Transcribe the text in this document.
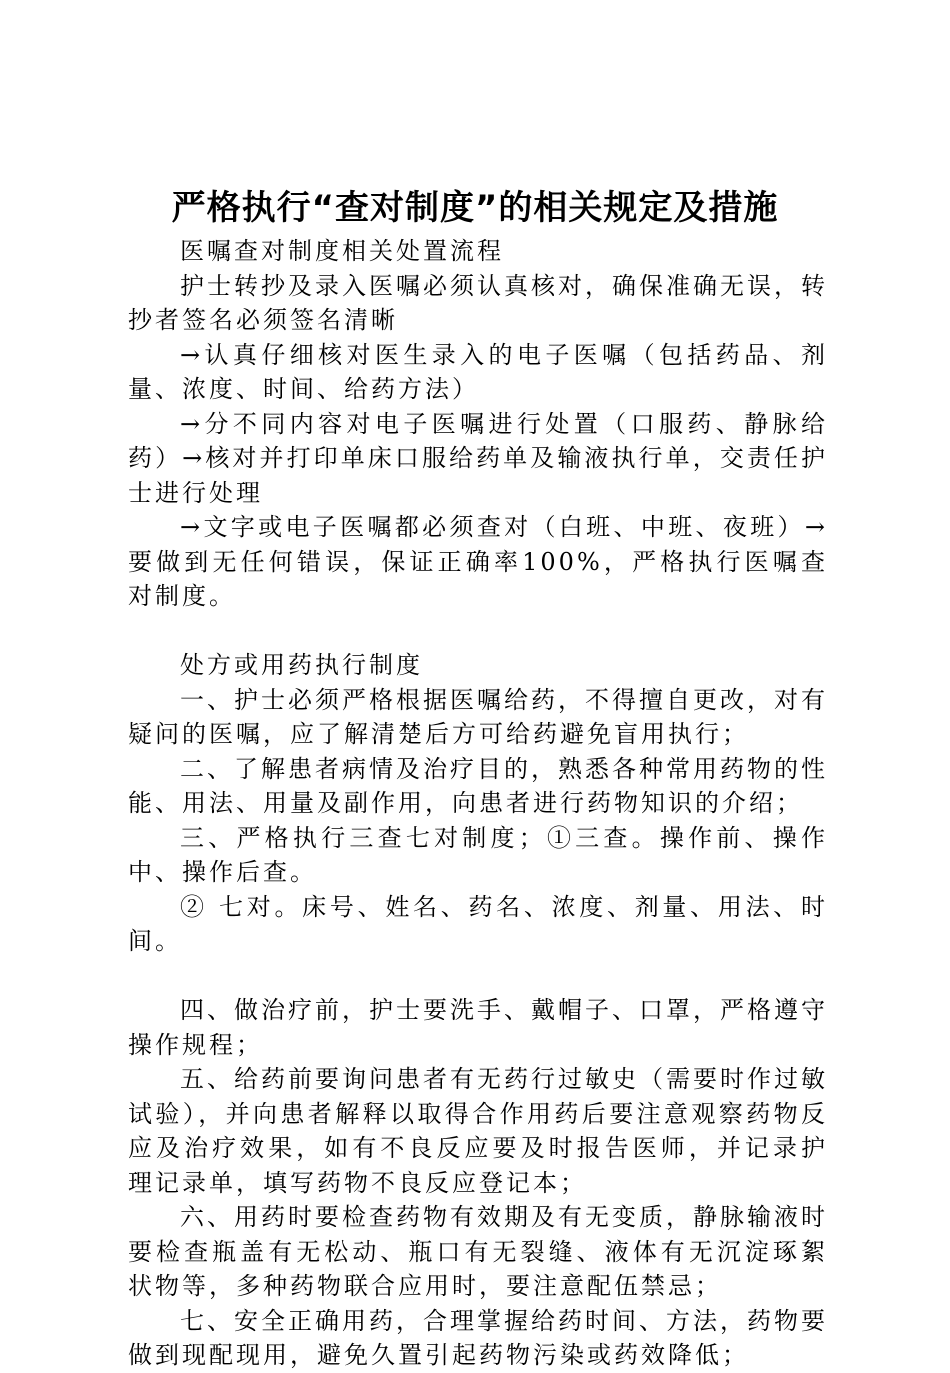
严格执行“查对制度”的相关规定及措施

医嘱查对制度相关处置流程

护士转抄及录入医嘱必须认真核对，确保准确无误，转抄者签名必须签名清晰

→认真仔细核对医生录入的电子医嘱（包括药品、剂量、浓度、时间、给药方法）

→分不同内容对电子医嘱进行处置（口服药、静脉给药）→核对并打印单床口服给药单及输液执行单，交责任护士进行处理

→文字或电子医嘱都必须查对（白班、中班、夜班）→要做到无任何错误，保证正确率100%，严格执行医嘱查对制度。

处方或用药执行制度

一、护士必须严格根据医嘱给药，不得擅自更改，对有疑问的医嘱，应了解清楚后方可给药避免盲用执行；

二、了解患者病情及治疗目的，熟悉各种常用药物的性能、用法、用量及副作用，向患者进行药物知识的介绍；

三、严格执行三查七对制度；①三查。操作前、操作中、操作后查。

② 七对。床号、姓名、药名、浓度、剂量、用法、时间。

四、做治疗前，护士要洗手、戴帽子、口罩，严格遵守操作规程；

五、给药前要询问患者有无药行过敏史（需要时作过敏试验），并向患者解释以取得合作用药后要注意观察药物反应及治疗效果，如有不良反应要及时报告医师，并记录护理记录单，填写药物不良反应登记本；

六、用药时要检查药物有效期及有无变质，静脉输液时要检查瓶盖有无松动、瓶口有无裂缝、液体有无沉淀琢絮状物等，多种药物联合应用时，要注意配伍禁忌；

七、安全正确用药，合理掌握给药时间、方法，药物要做到现配现用，避免久置引起药物污染或药效降低；
